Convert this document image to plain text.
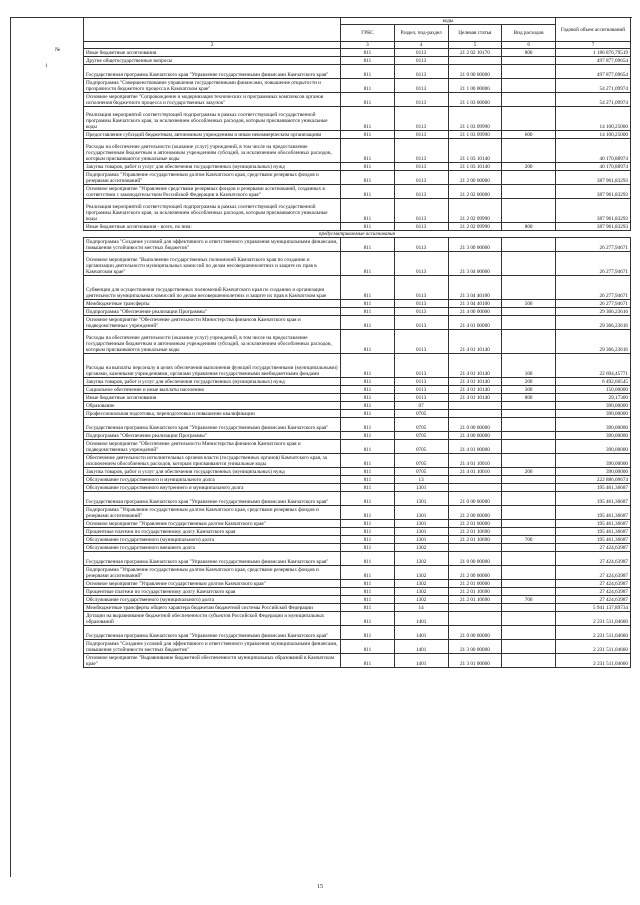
№
1
	коды				Годовой объем ассигнований
	ГРБС	Раздел, под-раздел	Целевая статья	Вид расходов	
2	3	4	5	6	7
Иные бюджетные ассигнования	811	0113	21 2 02 10170	800	1 186 876,79519
Другие общегосударственные вопросы	811	0113			497 877,09654
Государственная программа Камчатского края "Управление государственными финансами Камчатского края"	811	0113	21 0 00 00000		497 877,09654
Подпрограмма "Совершенствование управления государственными финансами, повышение открытости и прозрачности бюджетного процесса в Камчатском крае"	811	0113	21 1 00 00000		54 271,09974
Основное мероприятие "Сопровождение и модернизация технических и программных комплексов органов исполнения бюджетного процесса и государственных закупок"	811	0113	21 1 03 00000		54 271,09974
Реализация мероприятий соответствующей подпрограммы в рамках соответствующей государственной программы Камчатского края, за исключением обособленных расходов, которым присваиваются уникальные коды	811	0113	21 1 03 09990		14 100,25000
Предоставление субсидий бюджетным, автономным учреждениям и иным некоммерческим организациям	811	0113	21 1 03 09990	600	14 100,25000
Расходы на обеспечение деятельности (оказание услуг) учреждений, в том числе на предоставление государственным бюджетным и автономным учреждениям субсидий, за исключением обособленных расходов, которым присваиваются уникальные коды	811	0113	21 1 03 10140		40 170,88974
Закупка товаров, работ и услуг для обеспечения государственных (муниципальных) нужд	811	0113	21 1 03 10140	200	40 170,88974
Подпрограмма "Управление государственным долгом Камчатского края, средствами резервных фондов и резервами ассигнований"	811	0113	21 2 00 00000		387 961,83293
Основное мероприятие "Управление средствами резервных фондов и резервами ассигнований, созданных в соответствии с законодательством Российской Федерации и Камчатского края"	811	0113	21 2 02 00000		387 961,83293
Реализация мероприятий соответствующей подпрограммы в рамках соответствующей государственной программы Камчатского края, за исключением обособленных расходов, которым присваиваются уникальные коды	811	0113	21 2 02 09990		387 961,83293
Иные бюджетные ассигнования - всего, по ним:	811	0113	21 2 02 09990	800	387 961,83293
предусматриваемые ассигнования					
Подпрограмма "Создание условий для эффективного и ответственного управления муниципальными финансами, повышения устойчивости местных бюджетов"	811	0113	21 3 00 00000		26 277,94671
Основное мероприятие "Выполнение государственных полномочий Камчатского края по созданию и организации деятельности муниципальных комиссий по делам несовершеннолетних и защите их прав в Камчатском крае"	811	0113	21 3 04 00000		26 277,94671
Субвенции для осуществления государственных полномочий Камчатского края по созданию и организации деятельности муниципальных комиссий по делам несовершеннолетних и защите их прав в Камчатском крае	811	0113	21 3 04 40100		26 277,94671
Межбюджетные трансферты	811	0113	21 3 04 40100	500	26 277,94671
Подпрограмма "Обеспечение реализации Программы"	811	0113	21 4 00 00000		29 366,23616
Основное мероприятие "Обеспечение деятельности Министерства финансов Камчатского края и подведомственных учреждений"	811	0113	21 4 01 00000		29 366,23616
Расходы на обеспечение деятельности (оказание услуг) учреждений, в том числе на предоставление государственным бюджетным и автономным учреждениям субсидий, за исключением обособленных расходов, которым присваиваются уникальные коды	811	0113	21 4 01 10140		29 366,23616
Расходы на выплаты персоналу в целях обеспечения выполнения функций государственными (муниципальными) органами, казенными учреждениями, органами управления государственными внебюджетными фондами	811	0113	21 4 01 10140	100	22 694,45771
Закупка товаров, работ и услуг для обеспечения государственных (муниципальных) нужд	811	0113	21 4 01 10140	200	6 492,60545
Социальное обеспечение и иные выплаты населению	811	0113	21 4 01 10140	300	150,00000
Иные бюджетные ассигнования	811	0113	21 4 01 10140	800	29,17300
Образование	811	07			390,00000
Профессиональная подготовка, переподготовка и повышение квалификации	811	0705			390,00000
Государственная программа Камчатского края "Управление государственными финансами Камчатского края"	811	0705	21 0 00 00000		390,00000
Подпрограмма "Обеспечение реализации Программы"	811	0705	21 4 00 00000		390,00000
Основное мероприятие "Обеспечение деятельности Министерства финансов Камчатского края и подведомственных учреждений"	811	0705	21 4 01 00000		390,00000
Обеспечение деятельности исполнительных органов власти (государственных органов) Камчатского края, за исключением обособленных расходов, которым присваиваются уникальные коды	811	0705	21 4 01 10010		390,00000
Закупка товаров, работ и услуг для обеспечения государственных (муниципальных) нужд	811	0705	21 4 01 10010	200	390,00000
Обслуживание государственного и муниципального долга	811	13			222 886,00674
Обслуживание государственного внутреннего и муниципального долга	811	1301			195 461,36687
Государственная программа Камчатского края "Управление государственными финансами Камчатского края"	811	1301	21 0 00 00000		195 461,36687
Подпрограмма "Управление государственным долгом Камчатского края, средствами резервных фондов и резервами ассигнований"	811	1301	21 2 00 00000		195 461,36687
Основное мероприятие "Управление государственным долгом Камчатского края"	811	1301	21 2 01 00000		195 461,36687
Процентные платежи по государственному долгу Камчатского края	811	1301	21 2 01 10690		195 461,36687
Обслуживание государственного (муниципального) долга	811	1301	21 2 01 10690	700	195 461,36687
Обслуживание государственного внешнего долга	811	1302			27 424,63987
Государственная программа Камчатского края "Управление государственными финансами Камчатского края"	811	1302	21 0 00 00000		27 424,63987
Подпрограмма "Управление государственным долгом Камчатского края, средствами резервных фондов и резервами ассигнований"	811	1302	21 2 00 00000		27 424,63987
Основное мероприятие "Управление государственным долгом Камчатского края"	811	1302	21 2 01 00000		27 424,63987
Процентные платежи по государственному долгу Камчатского края	811	1302	21 2 01 10690		27 424,63987
Обслуживание государственного (муниципального) долга	811	1302	21 2 01 10690	700	27 424,63987
Межбюджетные трансферты общего характера бюджетам бюджетной системы Российской Федерации	811	14			5 941 137,89734
Дотации на выравнивание бюджетной обеспеченности субъектов Российской Федерации и муниципальных образований	811	1401			2 231 511,04660
Государственная программа Камчатского края "Управление государственными финансами Камчатского края"	811	1401	21 0 00 00000		2 231 511,04660
Подпрограмма "Создание условий для эффективного и ответственного управления муниципальными финансами, повышения устойчивости местных бюджетов"	811	1401	21 3 00 00000		2 231 511,04660
Основное мероприятие "Выравнивание бюджетной обеспеченности муниципальных образований в Камчатском крае"	811	1401	21 3 01 00000		2 231 511,04660
15
